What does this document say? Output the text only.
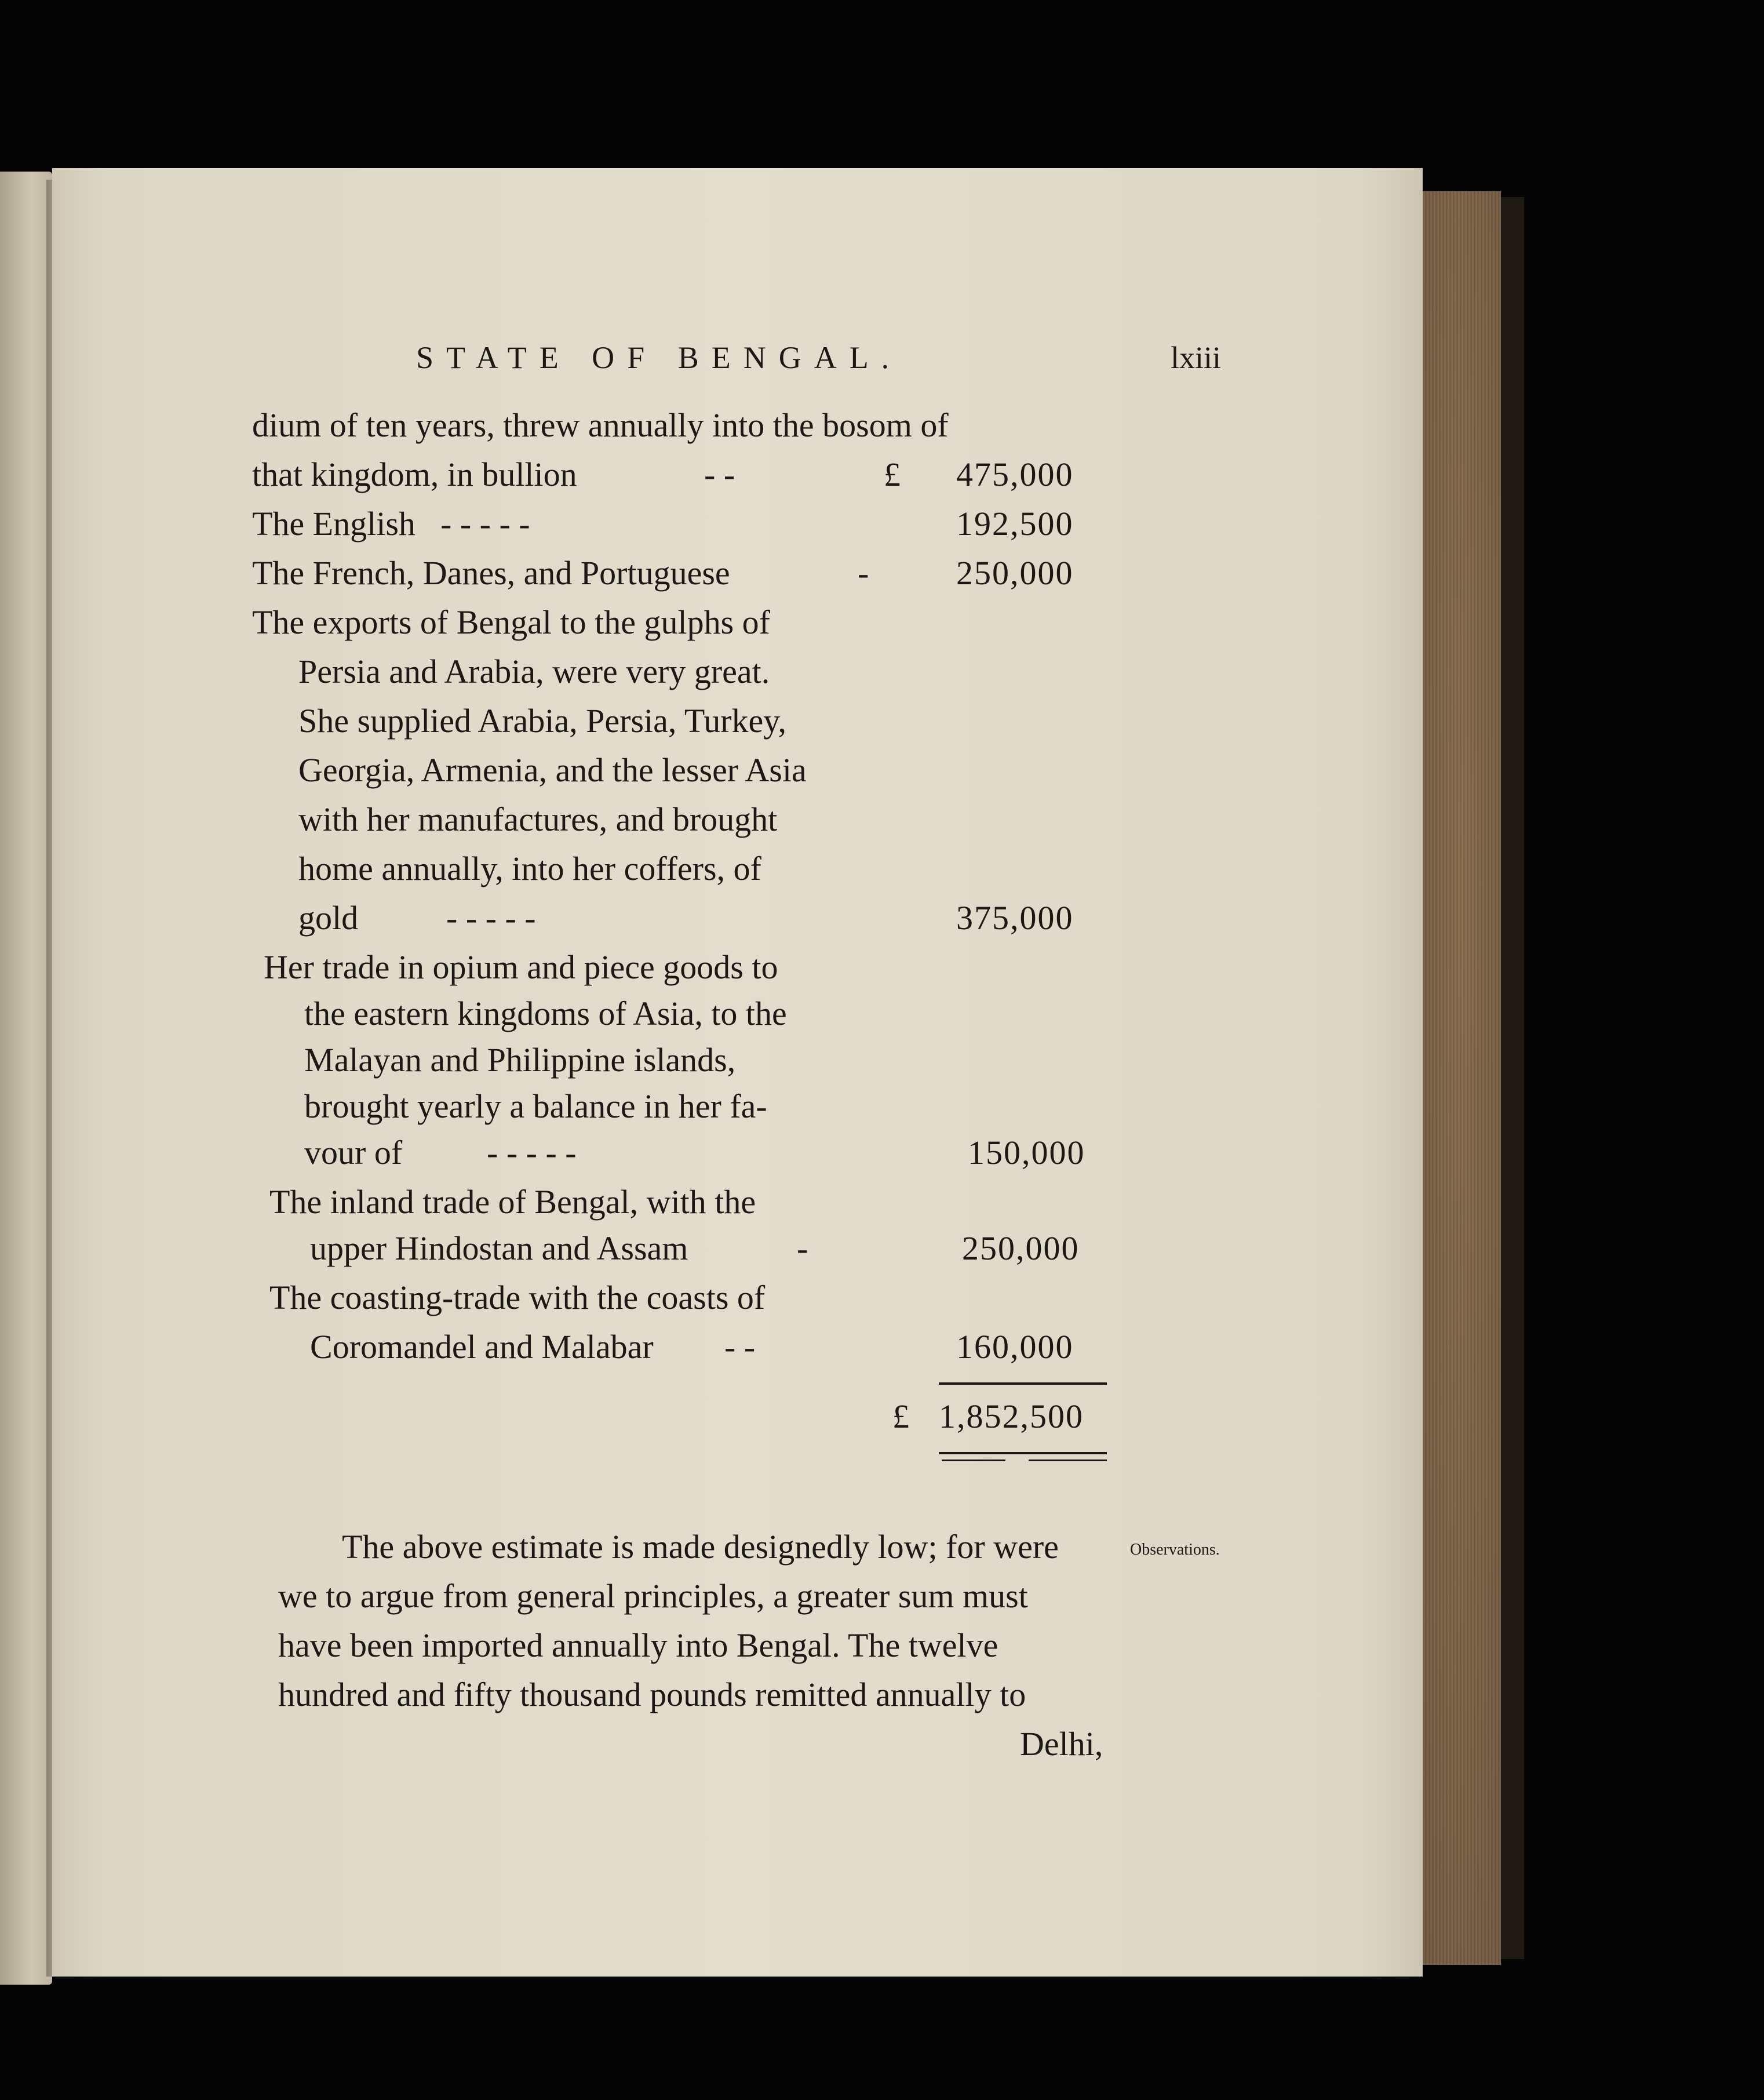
STATE OF BENGAL.	lxiii
dium of ten years, threw annually into the bosom of
that kingdom, in bullion	- -	£ 475,000
The English - - - - -	192,500
The French, Danes, and Portuguese	-	250,000
The exports of Bengal to the gulphs of
Persia and Arabia, were very great.
She supplied Arabia, Persia, Turkey,
Georgia, Armenia, and the lesser Asia
with her manufactures, and brought
home annually, into her coffers, of
gold	- - - - -	375,000
Her trade in opium and piece goods to
the eastern kingdoms of Asia, to the
Malayan and Philippine islands,
brought yearly a balance in her fa-
vour of	- - - - -	150,000
The inland trade of Bengal, with the
upper Hindostan and Assam	-	250,000
The coasting-trade with the coasts of
Coromandel and Malabar - -	160,000
£ 1,852,500
The above estimate is made designedly low; for were
we to argue from general principles, a greater sum must
have been imported annually into Bengal. The twelve
hundred and fifty thousand pounds remitted annually to
Delhi,
Observations.
